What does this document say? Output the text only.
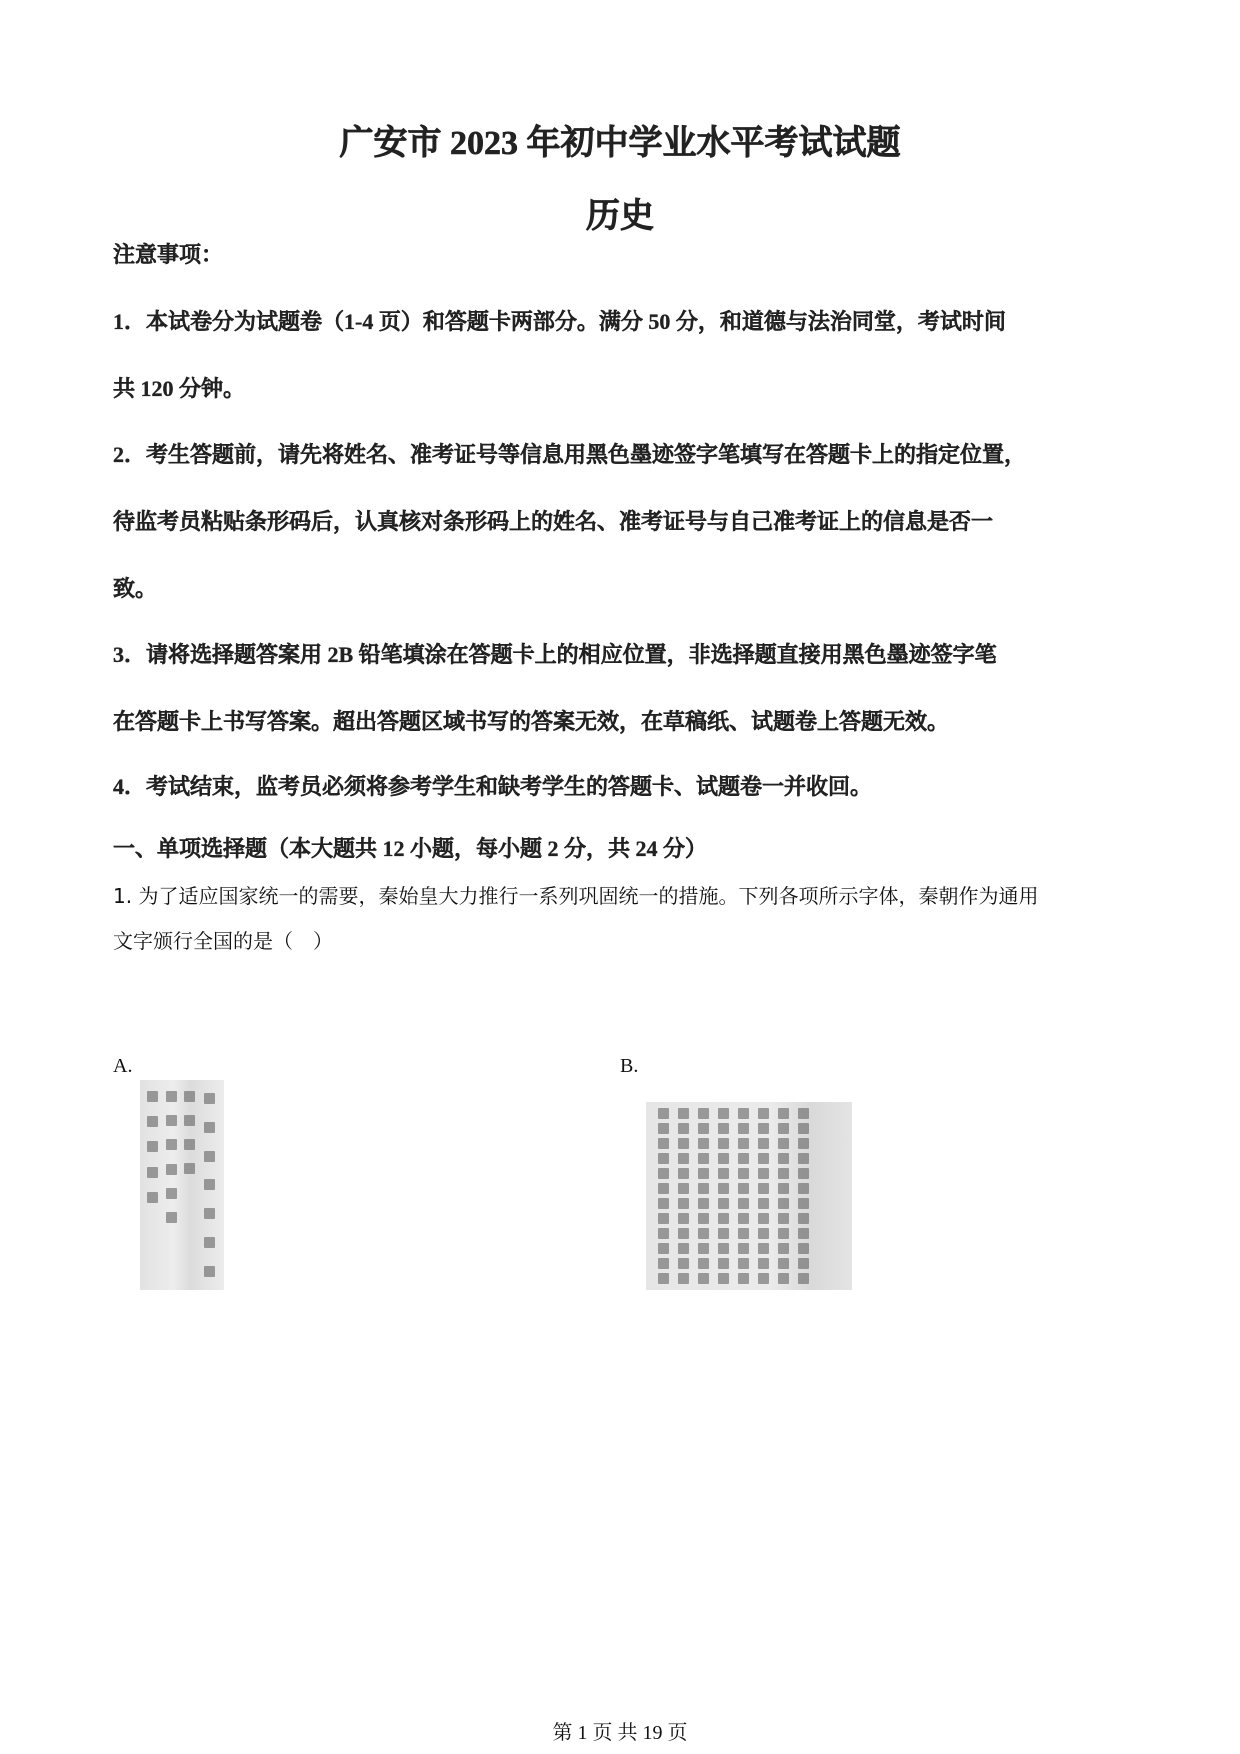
广安市 2023 年初中学业水平考试试题
历史
注意事项：
1．本试卷分为试题卷（1-4 页）和答题卡两部分。满分 50 分，和道德与法治同堂，考试时间
共 120 分钟。
2．考生答题前，请先将姓名、准考证号等信息用黑色墨迹签字笔填写在答题卡上的指定位置，
待监考员粘贴条形码后，认真核对条形码上的姓名、准考证号与自己准考证上的信息是否一
致。
3．请将选择题答案用 2B 铅笔填涂在答题卡上的相应位置，非选择题直接用黑色墨迹签字笔
在答题卡上书写答案。超出答题区域书写的答案无效，在草稿纸、试题卷上答题无效。
4．考试结束，监考员必须将参考学生和缺考学生的答题卡、试题卷一并收回。
一、单项选择题（本大题共 12 小题，每小题 2 分，共 24 分）
1. 为了适应国家统一的需要，秦始皇大力推行一系列巩固统一的措施。下列各项所示字体，秦朝作为通用
文字颁行全国的是（　）
A.	B.
第 1 页 共 19 页
